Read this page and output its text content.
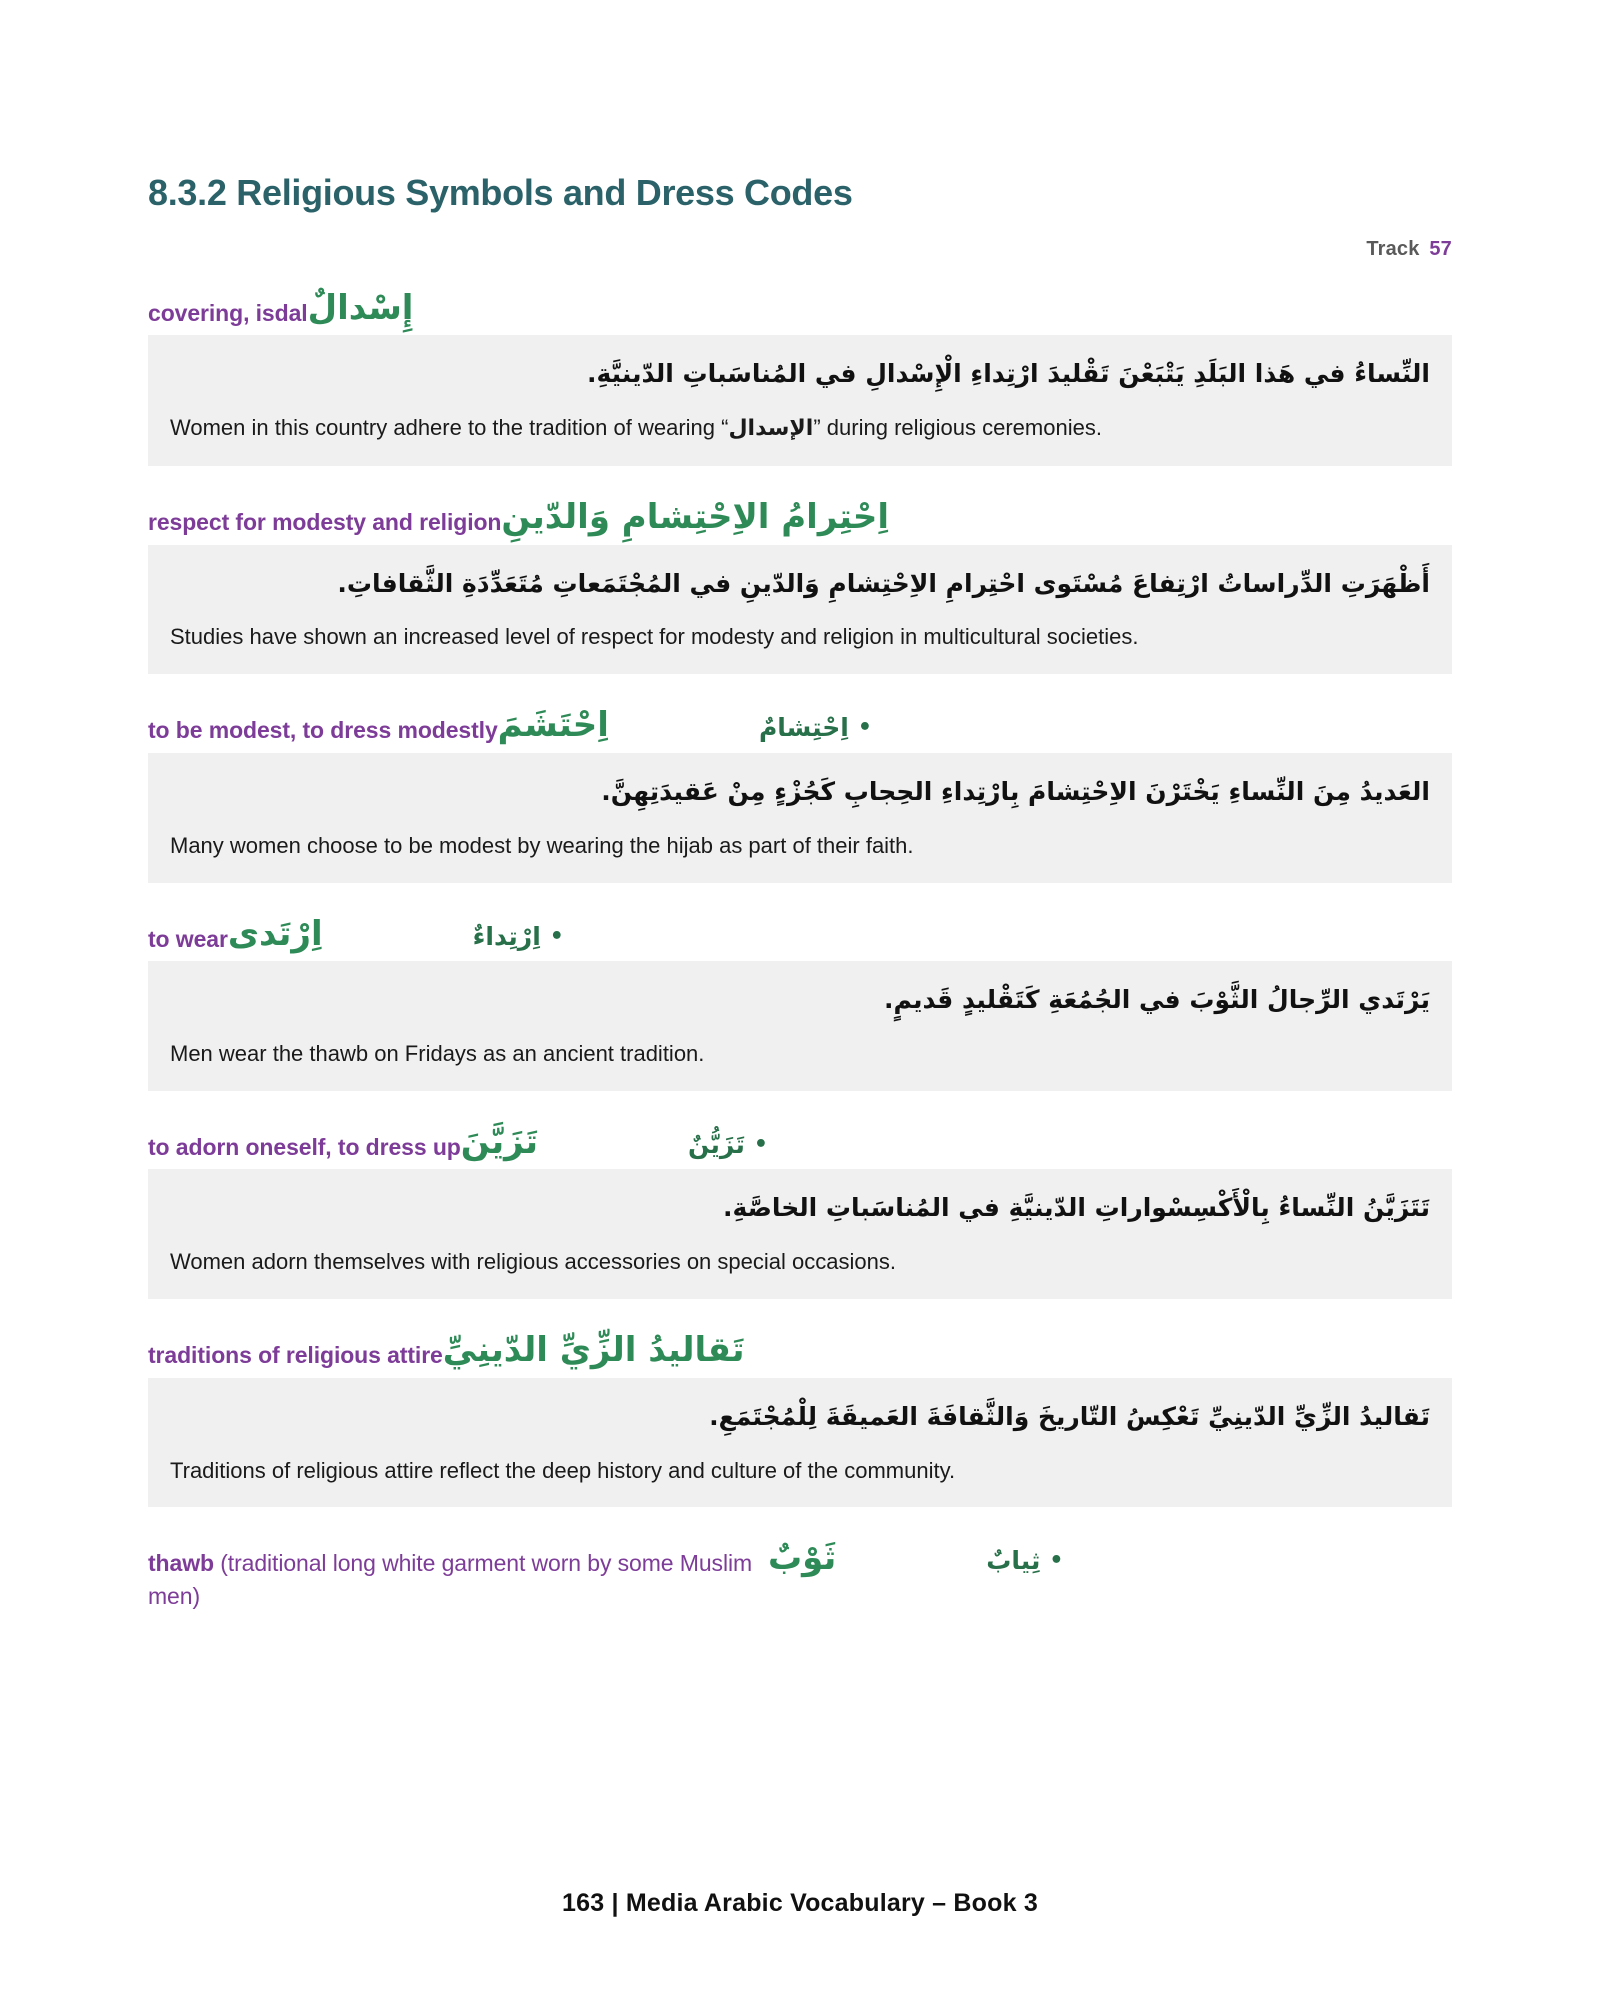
8.3.2 Religious Symbols and Dress Codes
Track 57
covering, isdal إِسْدالٌ
النِّساءُ في هَذا البَلَدِ يَتْبَعْنَ تَقْليدَ ارْتِداءِ الْإِسْدالِ في المُناسَباتِ الدّينيَّةِ.
Women in this country adhere to the tradition of wearing “الإسدال” during religious ceremonies.
respect for modesty and religion اِحْتِرامُ الاِحْتِشامِ وَالدّينِ
أَظْهَرَتِ الدِّراساتُ ارْتِفاعَ مُسْتَوى احْتِرامِ الاِحْتِشامِ وَالدّينِ في المُجْتَمَعاتِ مُتَعَدِّدَةِ الثَّقافاتِ.
Studies have shown an increased level of respect for modesty and religion in multicultural societies.
to be modest, to dress modestly	•اِحْتِشامٌ
اِحْتَشَمَ
العَديدُ مِنَ النِّساءِ يَخْتَرْنَ الاِحْتِشامَ بِارْتِداءِ الحِجابِ كَجُزْءٍ مِنْ عَقيدَتِهِنَّ.
Many women choose to be modest by wearing the hijab as part of their faith.
to wear	•اِرْتِداءٌ
اِرْتَدى
يَرْتَدي الرِّجالُ الثَّوْبَ في الجُمُعَةِ كَتَقْليدٍ قَديمٍ.
Men wear the thawb on Fridays as an ancient tradition.
to adorn oneself, to dress up	•تَزَيُّنٌ
تَزَيَّنَ
تَتَزَيَّنُ النِّساءُ بِالْأَكْسِسْواراتِ الدّينيَّةِ في المُناسَباتِ الخاصَّةِ.
Women adorn themselves with religious accessories on special occasions.
traditions of religious attire تَقاليدُ الزِّيِّ الدّينِيِّ
تَقاليدُ الزِّيِّ الدّينِيِّ تَعْكِسُ التّاريخَ وَالثَّقافَةَ العَميقَةَ لِلْمُجْتَمَعِ.
Traditions of religious attire reflect the deep history and culture of the community.
thawb (traditional long white garment worn by some Muslim men)
•ثِيابٌ
ثَوْبٌ
163 | Media Arabic Vocabulary – Book 3
